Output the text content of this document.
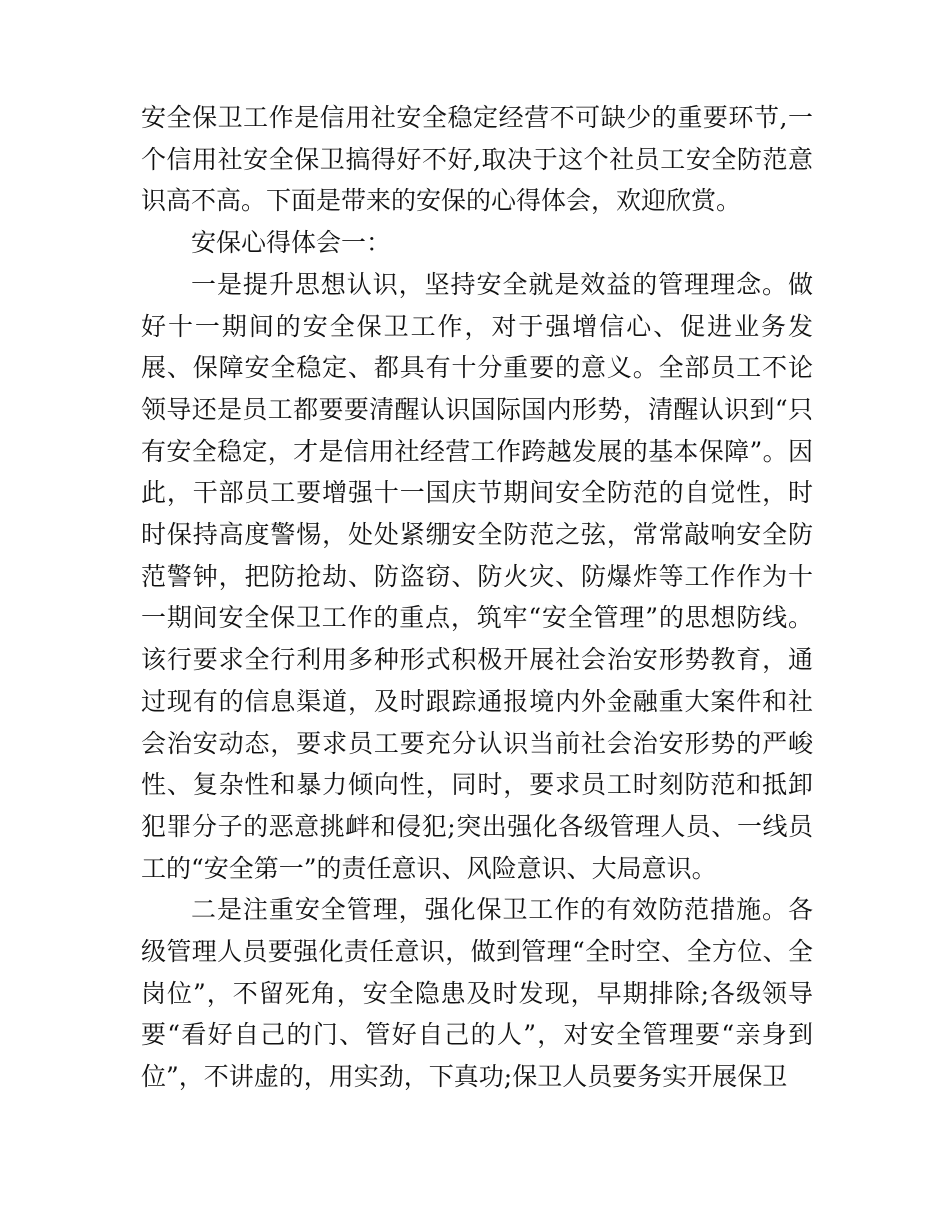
安全保卫工作是信用社安全稳定经营不可缺少的重要环节,一个信用社安全保卫搞得好不好,取决于这个社员工安全防范意识高不高。下面是带来的安保的心得体会，欢迎欣赏。

安保心得体会一：

一是提升思想认识，坚持安全就是效益的管理理念。做好十一期间的安全保卫工作，对于强增信心、促进业务发展、保障安全稳定、都具有十分重要的意义。全部员工不论领导还是员工都要要清醒认识国际国内形势，清醒认识到“只有安全稳定，才是信用社经营工作跨越发展的基本保障”。因此，干部员工要增强十一国庆节期间安全防范的自觉性，时时保持高度警惕，处处紧绷安全防范之弦，常常敲响安全防范警钟，把防抢劫、防盗窃、防火灾、防爆炸等工作作为十一期间安全保卫工作的重点，筑牢“安全管理”的思想防线。该行要求全行利用多种形式积极开展社会治安形势教育，通过现有的信息渠道，及时跟踪通报境内外金融重大案件和社会治安动态，要求员工要充分认识当前社会治安形势的严峻性、复杂性和暴力倾向性，同时，要求员工时刻防范和抵卸犯罪分子的恶意挑衅和侵犯;突出强化各级管理人员、一线员工的“安全第一”的责任意识、风险意识、大局意识。

二是注重安全管理，强化保卫工作的有效防范措施。各级管理人员要强化责任意识，做到管理“全时空、全方位、全岗位”，不留死角，安全隐患及时发现，早期排除;各级领导要“看好自己的门、管好自己的人”，对安全管理要“亲身到位”，不讲虚的，用实劲，下真功;保卫人员要务实开展保卫
